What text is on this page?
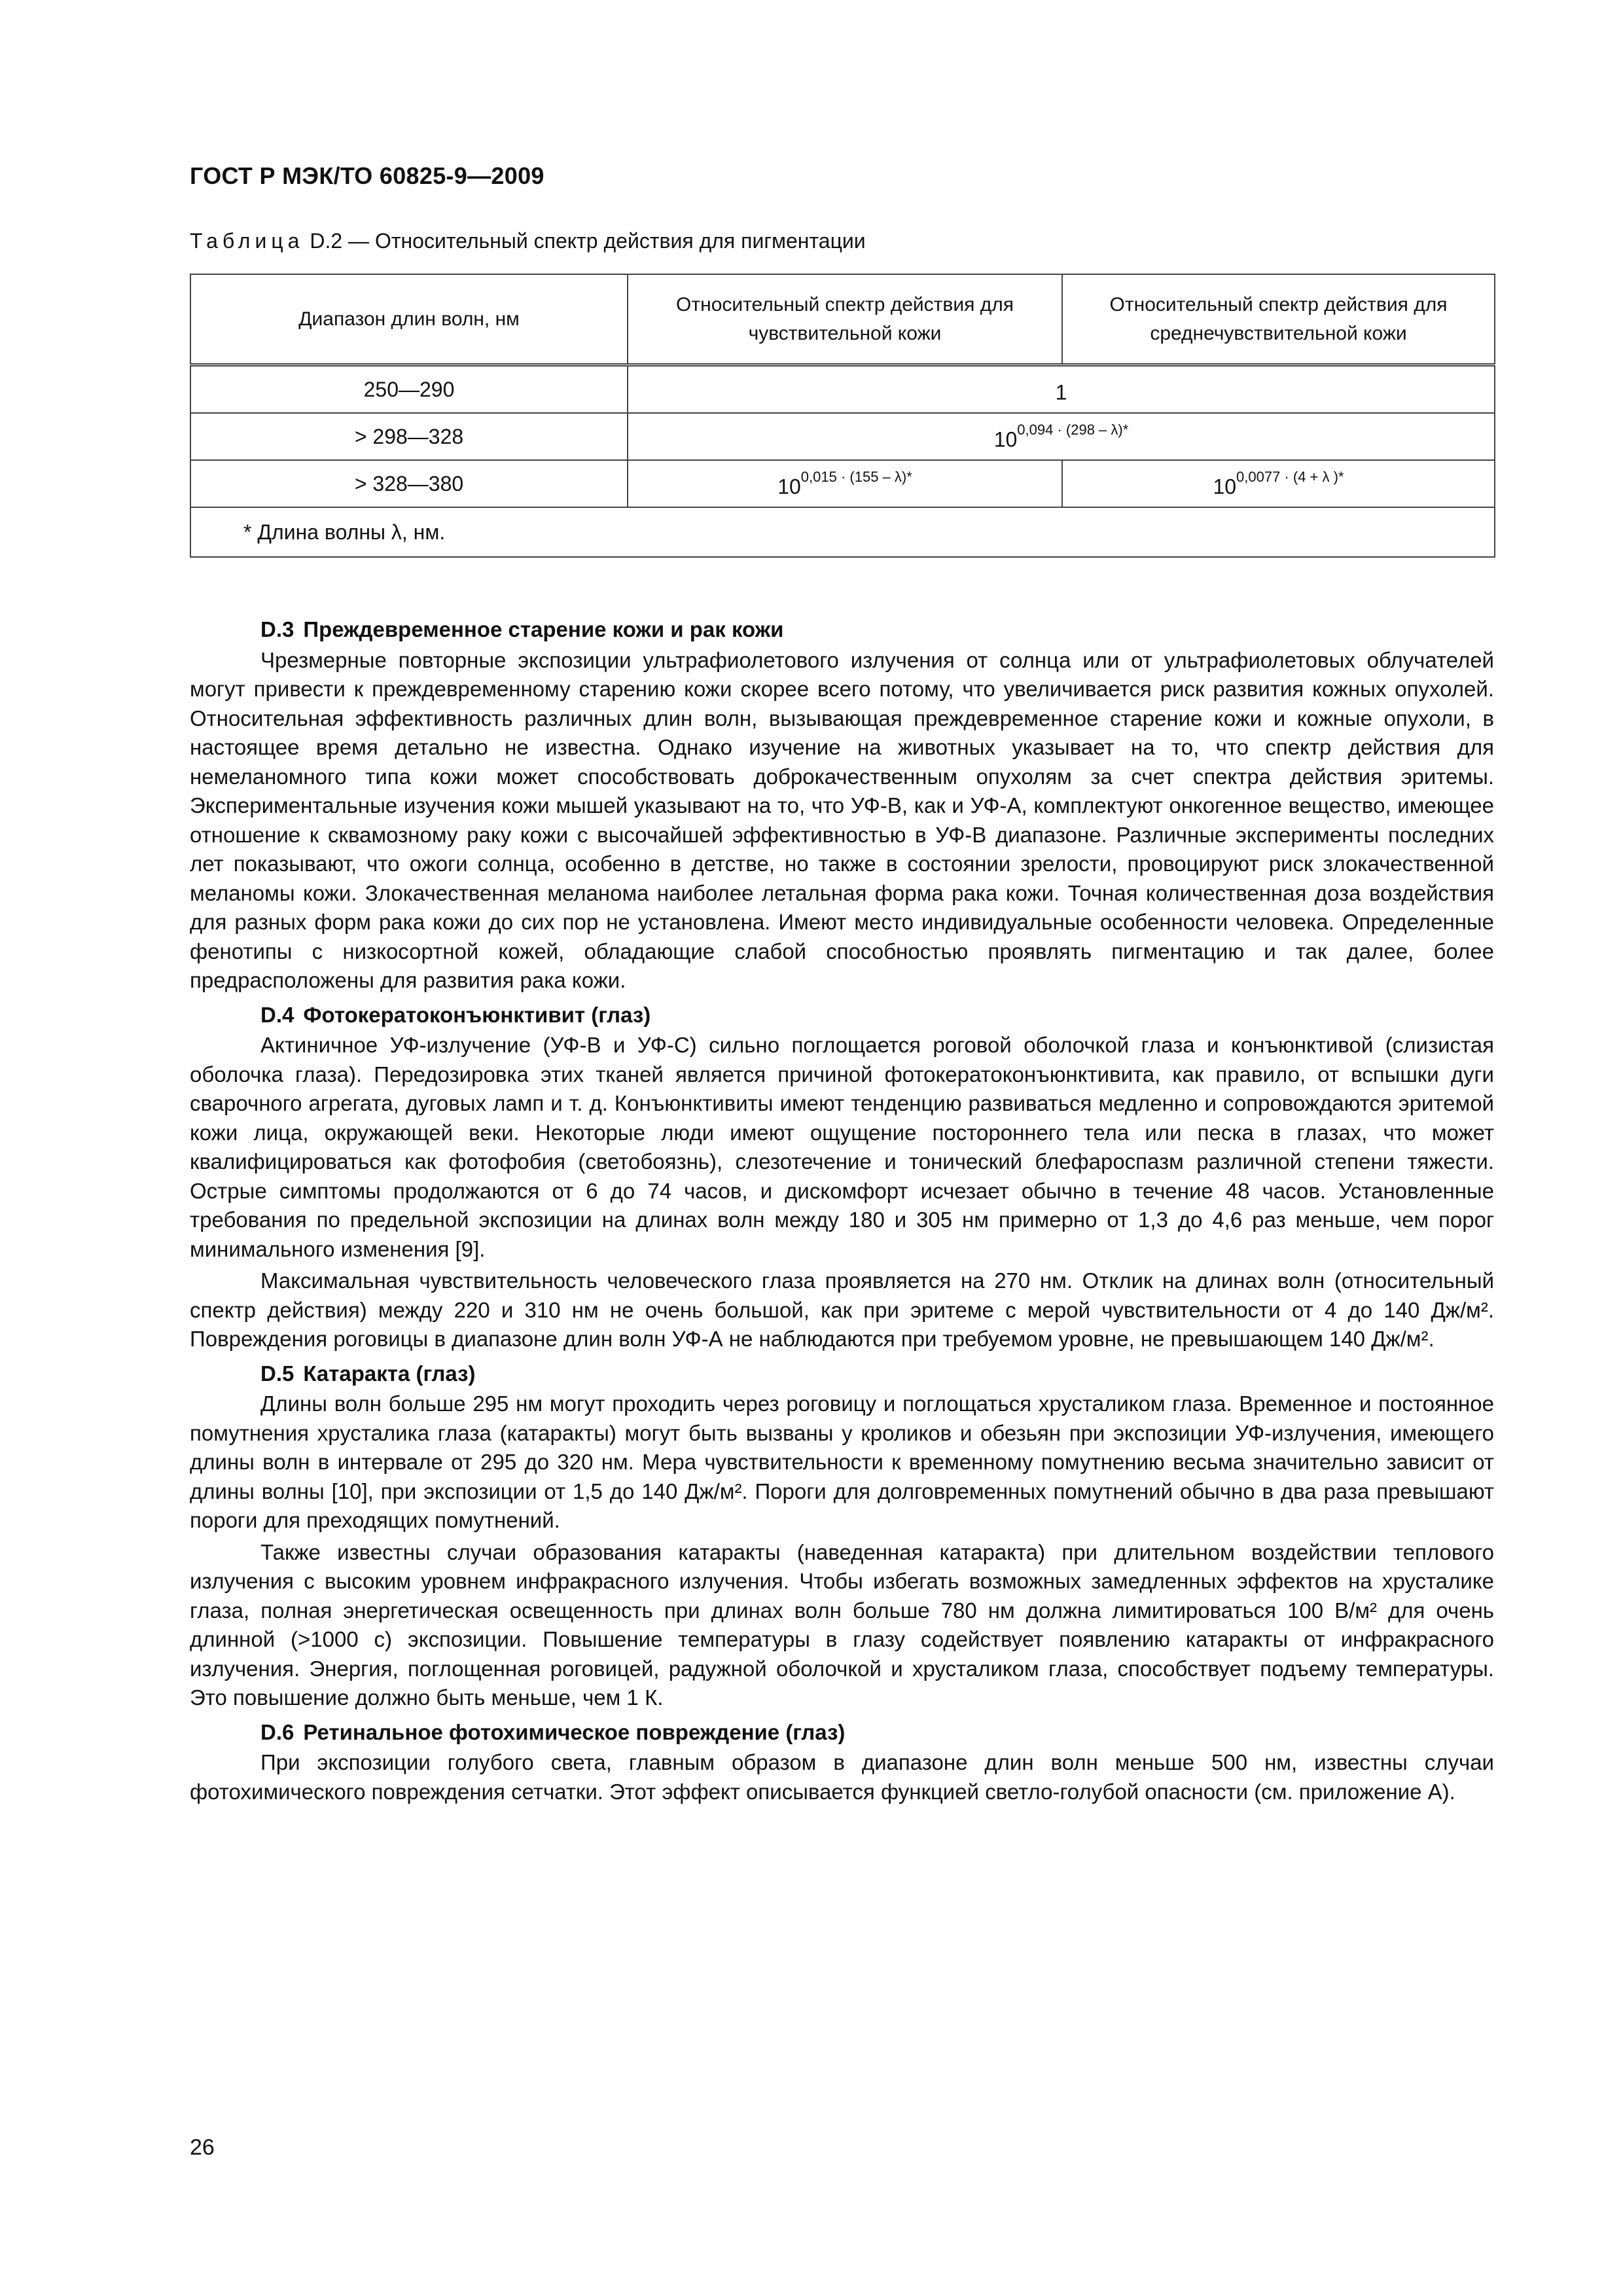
ГОСТ Р МЭК/ТО 60825-9—2009
Таблица D.2 — Относительный спектр действия для пигментации
Диапазон длин волн, нм	Относительный спектр действия для чувствительной кожи	Относительный спектр действия для среднечувствительной кожи
250—290	1	
> 298—328	$10^{0,094 \cdot (298 - \lambda)*}$
> 328—380	$10^{0,015 \cdot (155 - \lambda)*}$	$10^{0,0077 \cdot (4 + \lambda )*}$
* Длина волны λ, нм.		
D.3 Преждевременное старение кожи и рак кожи

Чрезмерные повторные экспозиции ультрафиолетового излучения от солнца или от ультрафиолетовых облучателей могут привести к преждевременному старению кожи скорее всего потому, что увеличивается риск развития кожных опухолей. Относительная эффективность различных длин волн, вызывающая преждевременное старение кожи и кожные опухоли, в настоящее время детально не известна. Однако изучение на животных указывает на то, что спектр действия для немеланомного типа кожи может способствовать доброкачественным опухолям за счет спектра действия эритемы. Экспериментальные изучения кожи мышей указывают на то, что УФ-В, как и УФ-А, комплектуют онкогенное вещество, имеющее отношение к сквамозному раку кожи с высочайшей эффективностью в УФ-В диапазоне. Различные эксперименты последних лет показывают, что ожоги солнца, особенно в детстве, но также в состоянии зрелости, провоцируют риск злокачественной меланомы кожи. Злокачественная меланома наиболее летальная форма рака кожи. Точная количественная доза воздействия для разных форм рака кожи до сих пор не установлена. Имеют место индивидуальные особенности человека. Определенные фенотипы с низкосортной кожей, обладающие слабой способностью проявлять пигментацию и так далее, более предрасположены для развития рака кожи.

D.4 Фотокератоконъюнктивит (глаз)

Актиничное УФ-излучение (УФ-В и УФ-С) сильно поглощается роговой оболочкой глаза и конъюнктивой (слизистая оболочка глаза). Передозировка этих тканей является причиной фотокератоконъюнктивита, как правило, от вспышки дуги сварочного агрегата, дуговых ламп и т. д. Конъюнктивиты имеют тенденцию развиваться медленно и сопровождаются эритемой кожи лица, окружающей веки. Некоторые люди имеют ощущение постороннего тела или песка в глазах, что может квалифицироваться как фотофобия (светобоязнь), слезотечение и тонический блефароспазм различной степени тяжести. Острые симптомы продолжаются от 6 до 74 часов, и дискомфорт исчезает обычно в течение 48 часов. Установленные требования по предельной экспозиции на длинах волн между 180 и 305 нм примерно от 1,3 до 4,6 раз меньше, чем порог минимального изменения [9].

Максимальная чувствительность человеческого глаза проявляется на 270 нм. Отклик на длинах волн (относительный спектр действия) между 220 и 310 нм не очень большой, как при эритеме с мерой чувствительности от 4 до 140 Дж/м². Повреждения роговицы в диапазоне длин волн УФ-А не наблюдаются при требуемом уровне, не превышающем 140 Дж/м².

D.5 Катаракта (глаз)

Длины волн больше 295 нм могут проходить через роговицу и поглощаться хрусталиком глаза. Временное и постоянное помутнения хрусталика глаза (катаракты) могут быть вызваны у кроликов и обезьян при экспозиции УФ-излучения, имеющего длины волн в интервале от 295 до 320 нм. Мера чувствительности к временному помутнению весьма значительно зависит от длины волны [10], при экспозиции от 1,5 до 140 Дж/м². Пороги для долговременных помутнений обычно в два раза превышают пороги для преходящих помутнений.

Также известны случаи образования катаракты (наведенная катаракта) при длительном воздействии теплового излучения с высоким уровнем инфракрасного излучения. Чтобы избегать возможных замедленных эффектов на хрусталике глаза, полная энергетическая освещенность при длинах волн больше 780 нм должна лимитироваться 100 В/м² для очень длинной (>1000 с) экспозиции. Повышение температуры в глазу содействует появлению катаракты от инфракрасного излучения. Энергия, поглощенная роговицей, радужной оболочкой и хрусталиком глаза, способствует подъему температуры. Это повышение должно быть меньше, чем 1 К.

D.6 Ретинальное фотохимическое повреждение (глаз)

При экспозиции голубого света, главным образом в диапазоне длин волн меньше 500 нм, известны случаи фотохимического повреждения сетчатки. Этот эффект описывается функцией светло-голубой опасности (см. приложение А).

26
